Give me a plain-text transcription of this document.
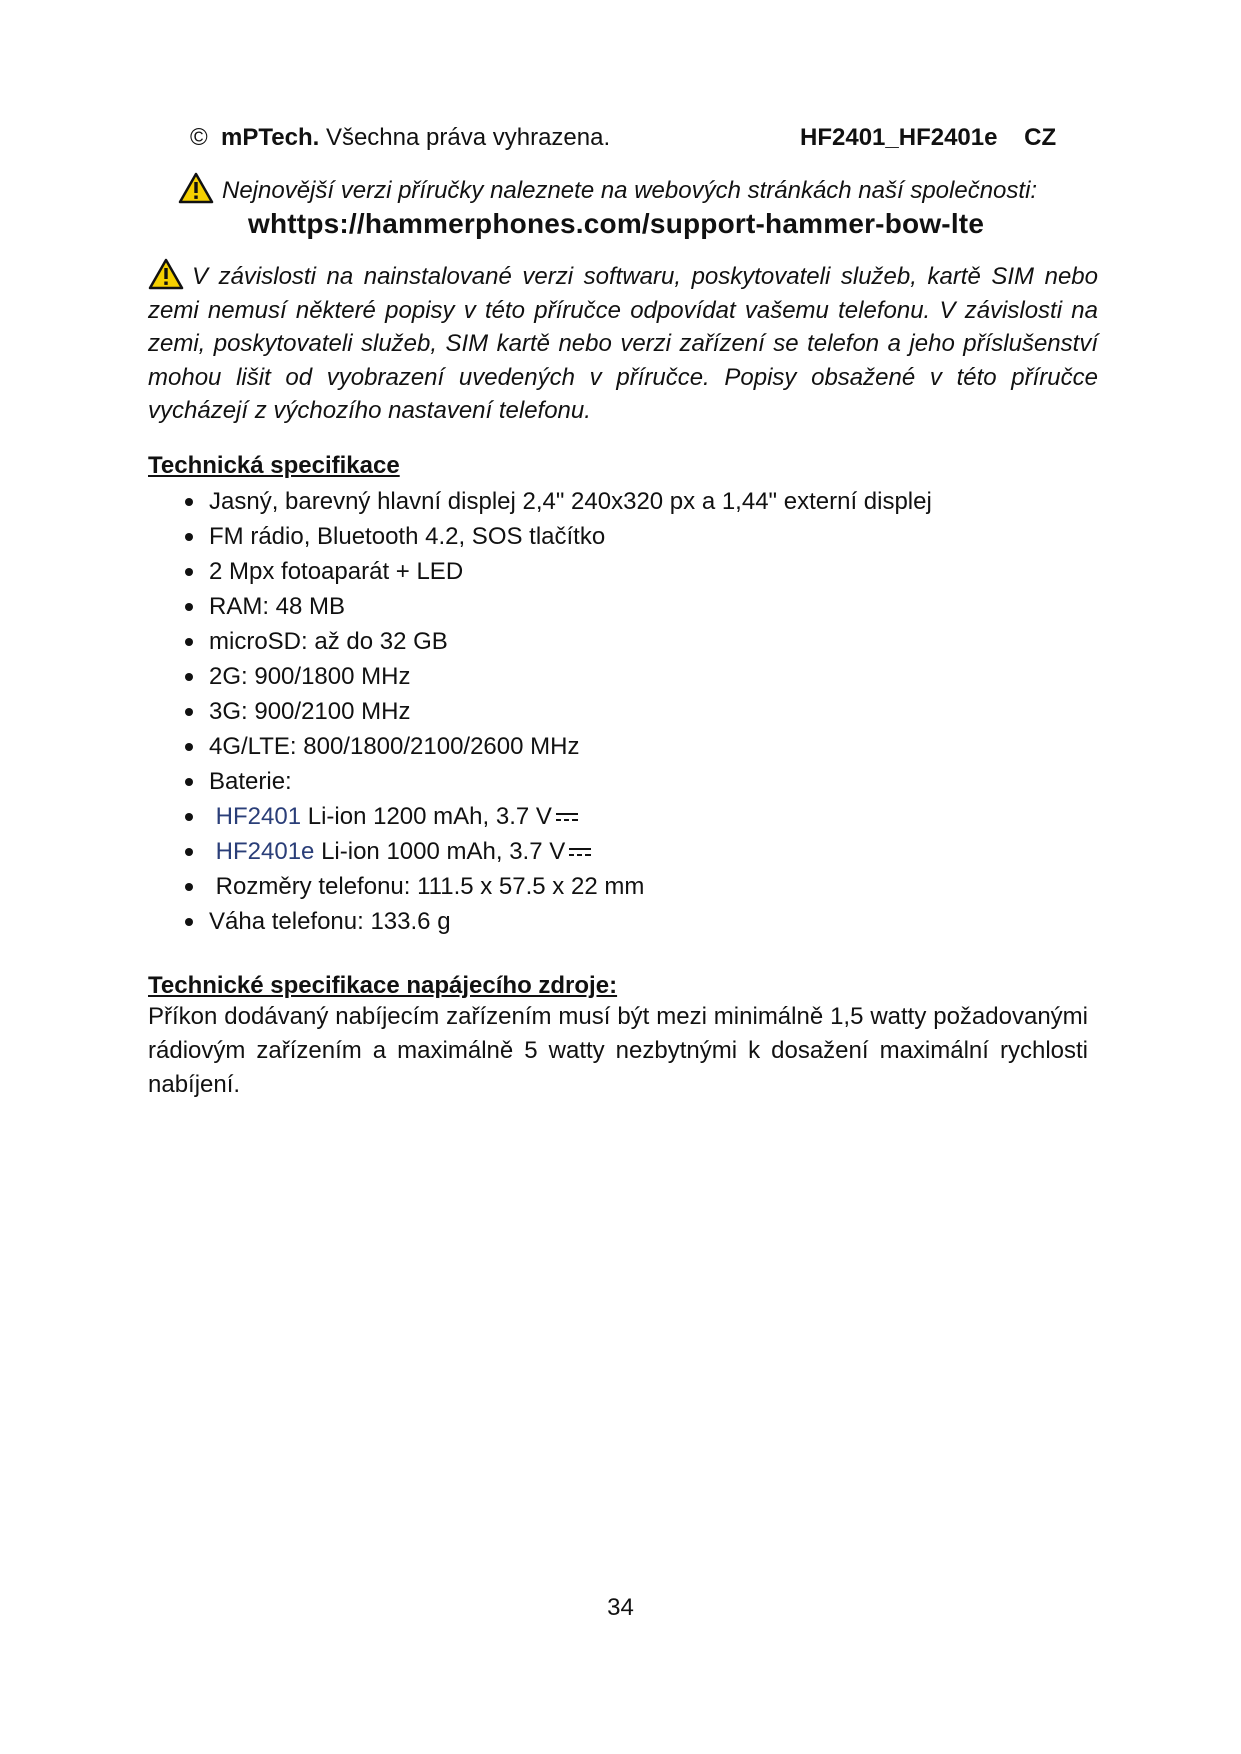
© mPTech. Všechna práva vyhrazena.	HF2401_HF2401e CZ
Nejnovější verzi příručky naleznete na webových stránkách naší společnosti:
whttps://hammerphones.com/support-hammer-bow-lte
V závislosti na nainstalované verzi softwaru, poskytovateli služeb, kartě SIM nebo zemi nemusí některé popisy v této příručce odpovídat vašemu telefonu. V závislosti na zemi, poskytovateli služeb, SIM kartě nebo verzi zařízení se telefon a jeho příslušenství mohou lišit od vyobrazení uvedených v příručce. Popisy obsažené v této příručce vycházejí z výchozího nastavení telefonu.
Technická specifikace
Jasný, barevný hlavní displej 2,4" 240x320 px a 1,44" externí displej
FM rádio, Bluetooth 4.2, SOS tlačítko
2 Mpx fotoaparát + LED
RAM: 48 MB
microSD: až do 32 GB
2G: 900/1800 MHz
3G: 900/2100 MHz
4G/LTE: 800/1800/2100/2600 MHz
Baterie:

HF2401
Li-ion 1200 mAh, 3.7 V

HF2401e
Li-ion 1000 mAh, 3.7 V

Rozměry telefonu: 111.5 x 57.5 x 22 mm
Váha telefonu: 133.6 g
Technické specifikace napájecího zdroje:
Příkon dodávaný nabíjecím zařízením musí být mezi minimálně 1,5 watty požadovanými rádiovým zařízením a maximálně 5 watty nezbytnými k dosažení maximální rychlosti nabíjení.
34
